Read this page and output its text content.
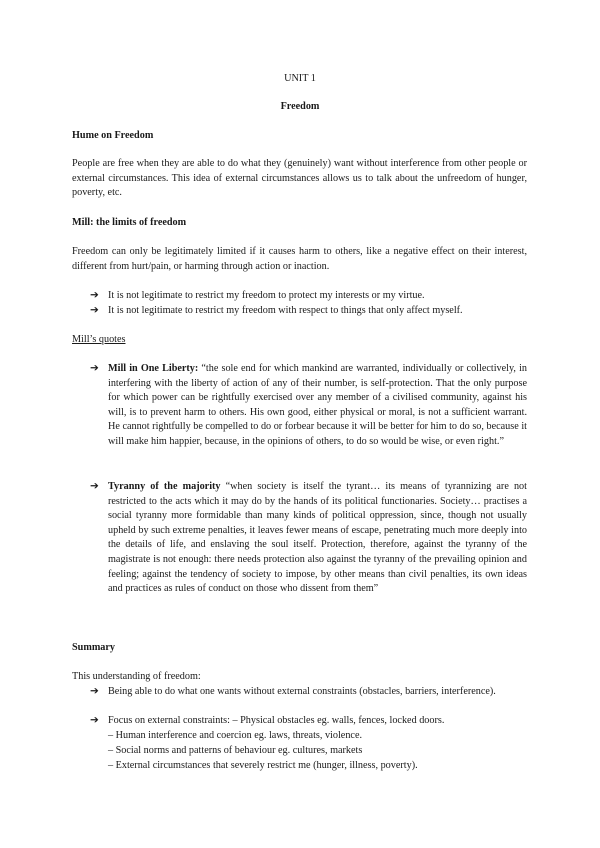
UNIT 1
Freedom
Hume on Freedom
People are free when they are able to do what they (genuinely) want without interference from other people or external circumstances. This idea of external circumstances allows us to talk about the unfreedom of hunger, poverty, etc.
Mill: the limits of freedom
Freedom can only be legitimately limited if it causes harm to others, like a negative effect on their interest, different from hurt/pain, or harming through action or inaction.
➔ It is not legitimate to restrict my freedom to protect my interests or my virtue.
➔ It is not legitimate to restrict my freedom with respect to things that only affect myself.
Mill’s quotes
➔ Mill in One Liberty: “the sole end for which mankind are warranted, individually or collectively, in interfering with the liberty of action of any of their number, is self-protection. That the only purpose for which power can be rightfully exercised over any member of a civilised community, against his will, is to prevent harm to others. His own good, either physical or moral, is not a sufficient warrant. He cannot rightfully be compelled to do or forbear because it will be better for him to do so, because it will make him happier, because, in the opinions of others, to do so would be wise, or even right.”
➔ Tyranny of the majority “when society is itself the tyrant… its means of tyrannizing are not restricted to the acts which it may do by the hands of its political functionaries. Society… practises a social tyranny more formidable than many kinds of political oppression, since, though not usually upheld by such extreme penalties, it leaves fewer means of escape, penetrating much more deeply into the details of life, and enslaving the soul itself. Protection, therefore, against the tyranny of the magistrate is not enough: there needs protection also against the tyranny of the prevailing opinion and feeling; against the tendency of society to impose, by other means than civil penalties, its own ideas and practices as rules of conduct on those who dissent from them”
Summary
This understanding of freedom:
➔ Being able to do what one wants without external constraints (obstacles, barriers, interference).
➔ Focus on external constraints: – Physical obstacles eg. walls, fences, locked doors.
– Human interference and coercion eg. laws, threats, violence.
– Social norms and patterns of behaviour eg. cultures, markets
– External circumstances that severely restrict me (hunger, illness, poverty).
